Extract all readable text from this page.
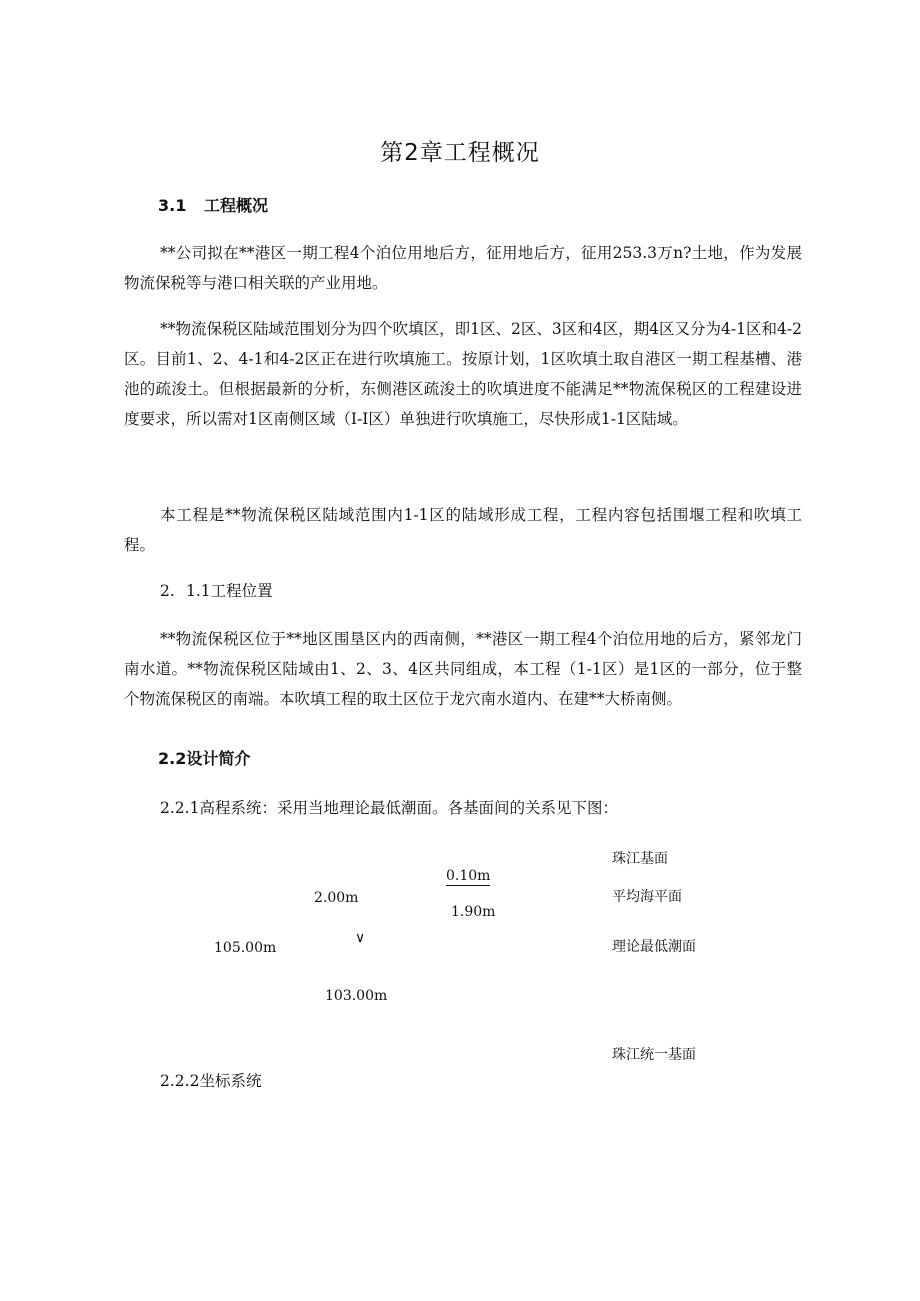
第2章工程概况
3.1 工程概况
**公司拟在**港区一期工程4个泊位用地后方，征用地后方，征用253.3万n?土地，作为发展物流保税等与港口相关联的产业用地。
**物流保税区陆域范围划分为四个吹填区，即1区、2区、3区和4区，期4区又分为4-1区和4-2区。目前1、2、4-1和4-2区正在进行吹填施工。按原计划，1区吹填土取自港区一期工程基槽、港池的疏浚土。但根据最新的分析，东侧港区疏浚土的吹填进度不能满足**物流保税区的工程建设进度要求，所以需对1区南侧区域（I-I区）单独进行吹填施工，尽快形成1-1区陆域。
本工程是**物流保税区陆域范围内1-1区的陆域形成工程，工程内容包括围堰工程和吹填工程。
2. 1.1工程位置
**物流保税区位于**地区围垦区内的西南侧，**港区一期工程4个泊位用地的后方，紧邻龙门南水道。**物流保税区陆域由1、2、3、4区共同组成，本工程（1-1区）是1区的一部分，位于整个物流保税区的南端。本吹填工程的取土区位于龙穴南水道内、在建**大桥南侧。
2.2设计简介
2.2.1高程系统：采用当地理论最低潮面。各基面间的关系见下图：
0.10m
2.00m
1.90m
∨
105.00m
103.00m
珠江基面
平均海平面
理论最低潮面
珠江统一基面
2.2.2坐标系统
